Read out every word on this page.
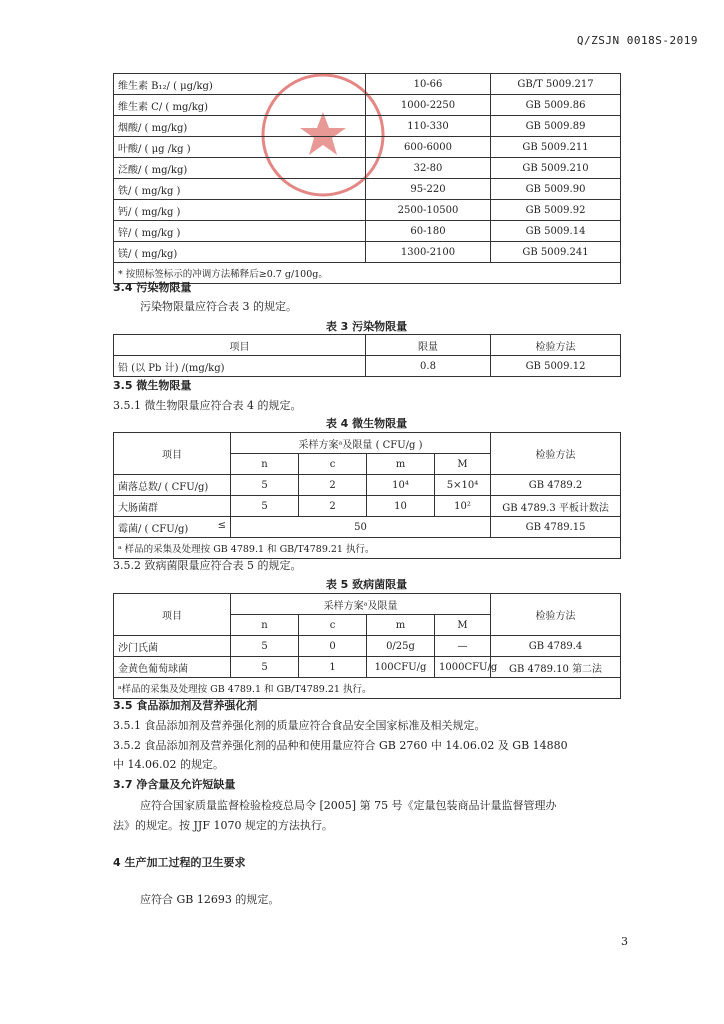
Q/ZSJN 0018S-2019
维生素 B₁₂/ ( μg/kg)	10-66	GB/T 5009.217
维生素 C/ ( mg/kg)	1000-2250	GB 5009.86
烟酸/ ( mg/kg)	110-330	GB 5009.89
叶酸/ ( μg /kg )	600-6000	GB 5009.211
泛酸/ ( mg/kg)	32-80	GB 5009.210
铁/ ( mg/kg )	95-220	GB 5009.90
钙/ ( mg/kg )	2500-10500	GB 5009.92
锌/ ( mg/kg )	60-180	GB 5009.14
镁/ ( mg/kg)	1300-2100	GB 5009.241
* 按照标签标示的冲调方法稀释后≥0.7 g/100g。		
3.4 污染物限量
污染物限量应符合表 3 的规定。
表 3 污染物限量
项目	限量	检验方法
铅 (以 Pb 计) /(mg/kg)	0.8	GB 5009.12
3.5 微生物限量
3.5.1 微生物限量应符合表 4 的规定。
表 4 微生物限量
项目	采样方案ᵃ及限量 ( CFU/g )				检验方法
	n	c	m	M	
菌落总数/ ( CFU/g)	5	2	10⁴	5×10⁴	GB 4789.2
大肠菌群	5	2	10	10²	GB 4789.3 平板计数法
霉菌/ ( CFU/g) ≤	50				GB 4789.15
ᵃ 样品的采集及处理按 GB 4789.1 和 GB/T4789.21 执行。					
3.5.2 致病菌限量应符合表 5 的规定。
表 5 致病菌限量
项目	采样方案ᵃ及限量				检验方法
	n	c	m	M	
沙门氏菌	5	0	0/25g	—	GB 4789.4
金黄色葡萄球菌	5	1	100CFU/g	1000CFU/g	GB 4789.10 第二法
ᵃ样品的采集及处理按 GB 4789.1 和 GB/T4789.21 执行。					
3.5 食品添加剂及营养强化剂
3.5.1 食品添加剂及营养强化剂的质量应符合食品安全国家标准及相关规定。
3.5.2 食品添加剂及营养强化剂的品种和使用量应符合 GB 2760 中 14.06.02 及 GB 14880
中 14.06.02 的规定。
3.7 净含量及允许短缺量
应符合国家质量监督检验检疫总局令 [2005] 第 75 号《定量包装商品计量监督管理办
法》的规定。按 JJF 1070 规定的方法执行。
4 生产加工过程的卫生要求
应符合 GB 12693 的规定。
3
